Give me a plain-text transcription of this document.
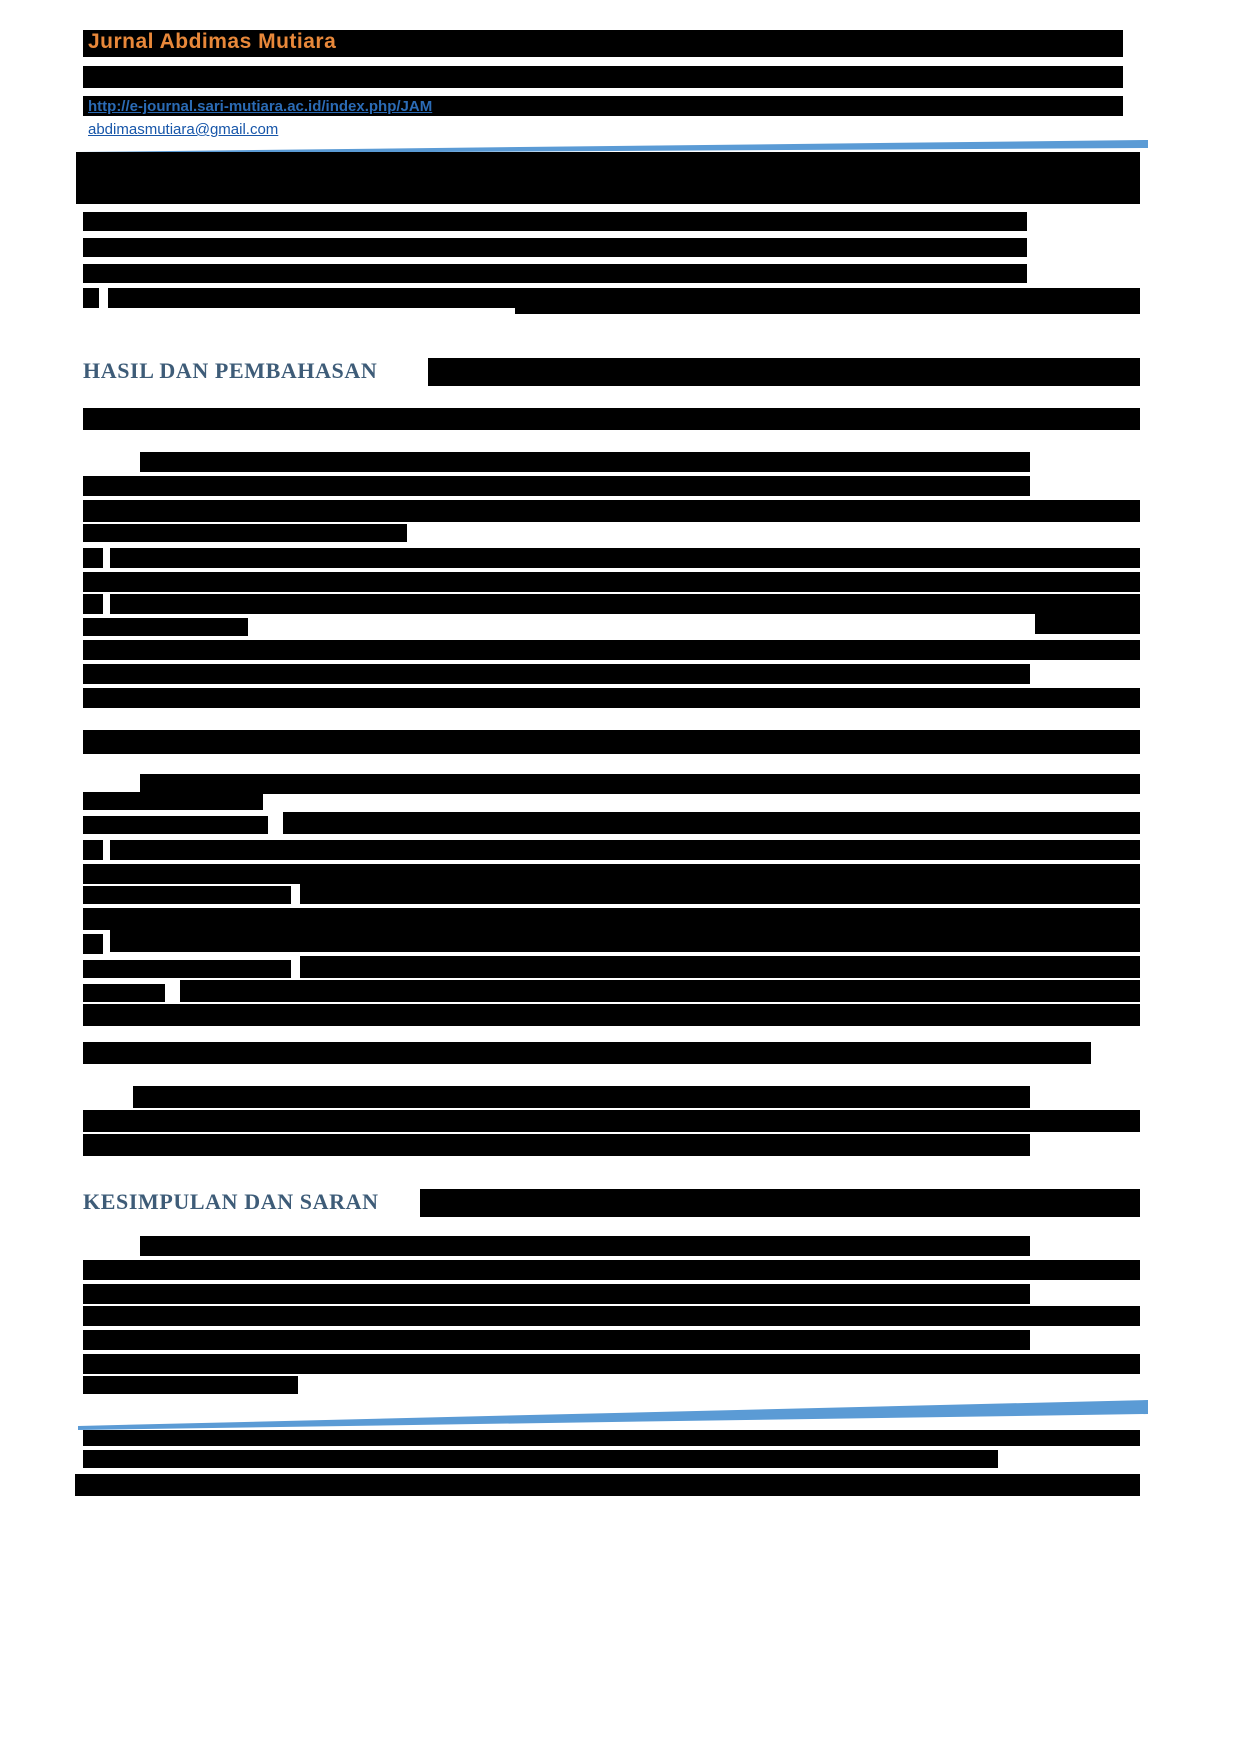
Jurnal Abdimas Mutiara
http://e-journal.sari-mutiara.ac.id/index.php/JAM
abdimasmutiara@gmail.com
HASIL DAN PEMBAHASAN
KESIMPULAN DAN SARAN
